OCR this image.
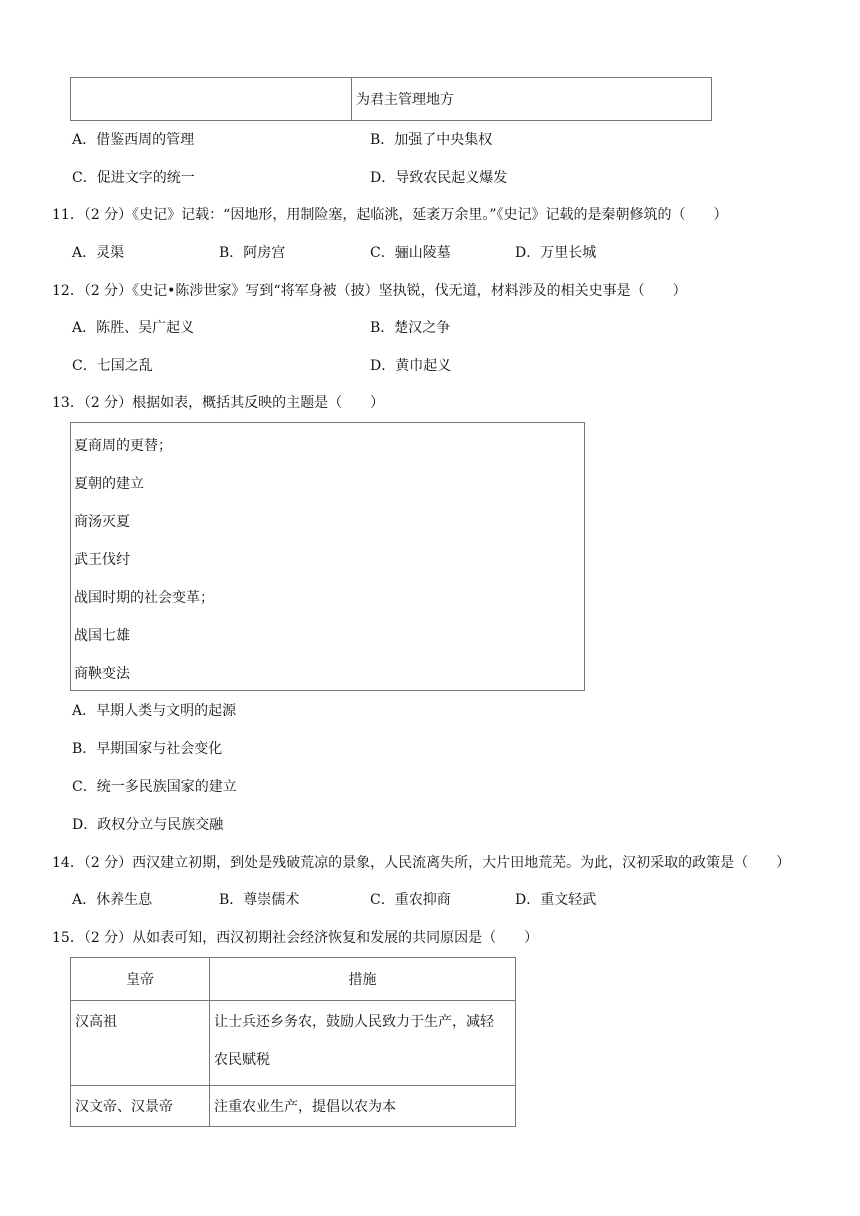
	为君主管理地方
A．借鉴西周的管理	B．加强了中央集权
C．促进文字的统一	D．导致农民起义爆发
11．（2 分）《史记》记载：“因地形，用制险塞，起临洮，延袤万余里。”《史记》记载的是秦朝修筑的（　　）
A．灵渠	B．阿房宫	C．骊山陵墓	D．万里长城
12．（2 分）《史记•陈涉世家》写到“将军身被（披）坚执锐，伐无道，材料涉及的相关史事是（　　）
A．陈胜、吴广起义	B．楚汉之争
C．七国之乱	D．黄巾起义
13．（2 分）根据如表，概括其反映的主题是（　　）
夏商周的更替；
夏朝的建立
商汤灭夏
武王伐纣
战国时期的社会变革；
战国七雄
商鞅变法
A．早期人类与文明的起源
B．早期国家与社会变化
C．统一多民族国家的建立
D．政权分立与民族交融
14．（2 分）西汉建立初期，到处是残破荒凉的景象，人民流离失所，大片田地荒芜。为此，汉初采取的政策是（　　）
A．休养生息	B．尊崇儒术	C．重农抑商	D．重文轻武
15．（2 分）从如表可知，西汉初期社会经济恢复和发展的共同原因是（　　）
皇帝	措施

汉高祖	让士兵还乡务农，鼓励人民致力于生产，减轻
农民赋税

汉文帝、汉景帝	注重农业生产，提倡以农为本
